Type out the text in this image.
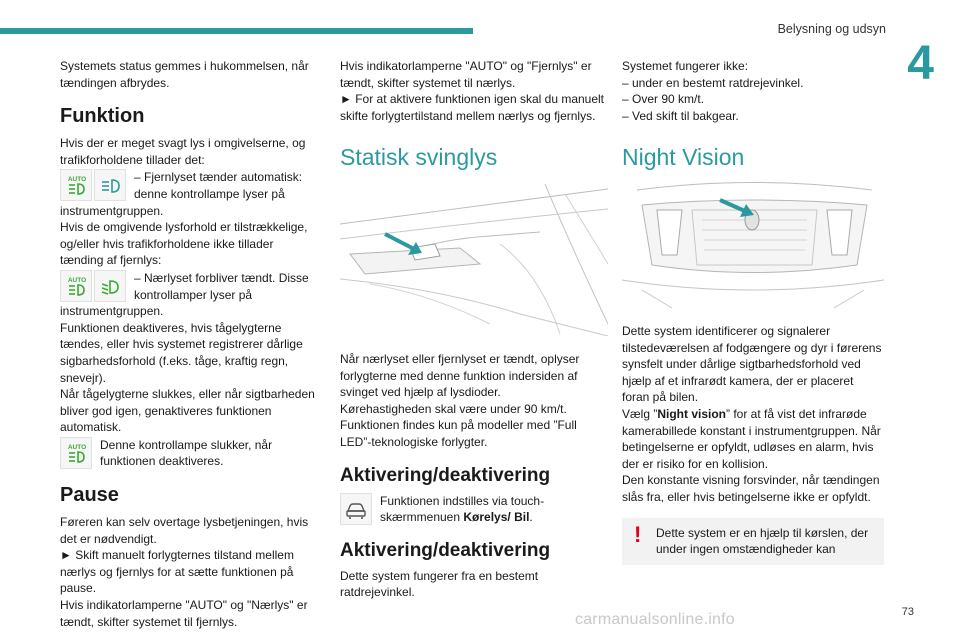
Belysning og udsyn
4

Systemets status gemmes i hukommelsen, når tændingen afbrydes.

Funktion

Hvis der er meget svagt lys i omgivelserne, og trafikforholdene tillader det:

AUTO	– Fjernlyset tænder automatisk: denne kontrollampe lyser på

instrumentgruppen.
Hvis de omgivende lysforhold er tilstrækkelige, og/eller hvis trafikforholdene ikke tillader tænding af fjernlys:

AUTO	– Nærlyset forbliver tændt. Disse kontrollamper lyser på

instrumentgruppen.
Funktionen deaktiveres, hvis tågelygterne tændes, eller hvis systemet registrerer dårlige sigbarhedsforhold (f.eks. tåge, kraftig regn, snevejr).
Når tågelygterne slukkes, eller når sigtbarheden bliver god igen, genaktiveres funktionen automatisk.

AUTO Denne kontrollampe slukker, når funktionen deaktiveres.
Pause

Føreren kan selv overtage lysbetjeningen, hvis det er nødvendigt.
► Skift manuelt forlygternes tilstand mellem nærlys og fjernlys for at sætte funktionen på pause.
Hvis indikatorlamperne "AUTO" og "Nærlys" er tændt, skifter systemet til fjernlys.

Hvis indikatorlamperne "AUTO" og "Fjernlys" er tændt, skifter systemet til nærlys.
► For at aktivere funktionen igen skal du manuelt skifte forlygtertilstand mellem nærlys og fjernlys.

Statisk svinglys

Når nærlyset eller fjernlyset er tændt, oplyser forlygterne med denne funktion indersiden af svinget ved hjælp af lysdioder.
Kørehastigheden skal være under 90 km/t.
Funktionen findes kun på modeller med ”Full LED”-teknologiske forlygter.

Aktivering/deaktivering

Funktionen indstilles via touch-skærmmenuen Kørelys/ Bil.

Aktivering/deaktivering

Dette system fungerer fra en bestemt ratdrejevinkel.

Systemet fungerer ikke:
– under en bestemt ratdrejevinkel.
– Over 90 km/t.
– Ved skift til bakgear.

Night Vision

Dette system identificerer og signalerer tilstedeværelsen af fodgængere og dyr i førerens synsfelt under dårlige sigtbarhedsforhold ved hjælp af et infrarødt kamera, der er placeret foran på bilen.

Vælg ”Night vision” for at få vist det infrarøde kamerabillede konstant i instrumentgruppen. Når betingelserne er opfyldt, udløses en alarm, hvis der er risiko for en kollision.

Den konstante visning forsvinder, når tændingen slås fra, eller hvis betingelserne ikke er opfyldt.

! Dette system er en hjælp til kørslen, der under ingen omstændigheder kan
carmanualsonline.info	73
